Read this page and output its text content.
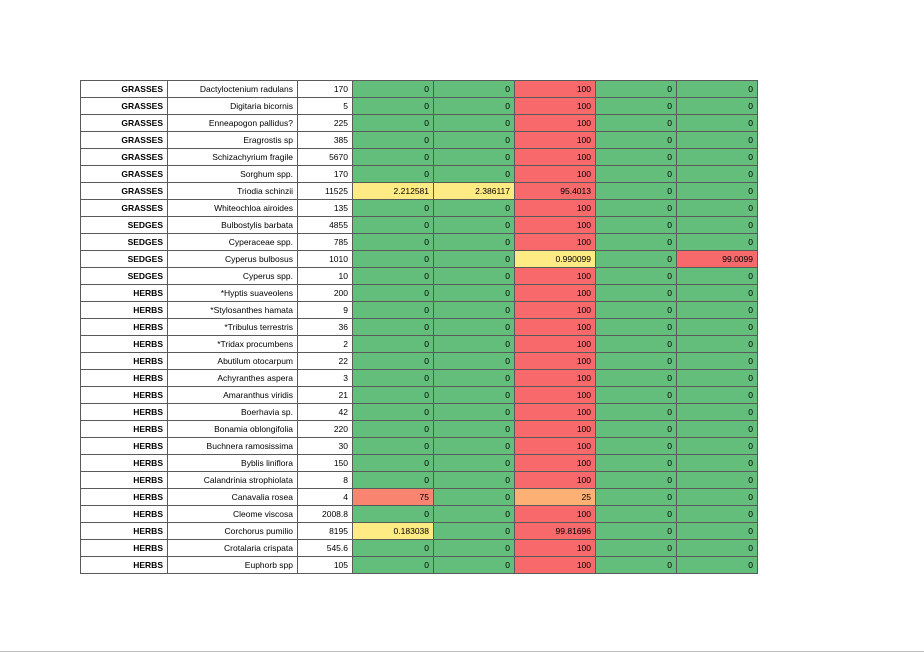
GRASSES	Dactyloctenium radulans	170	0	0	100	0	0
GRASSES	Digitaria bicornis	5	0	0	100	0	0
GRASSES	Enneapogon pallidus?	225	0	0	100	0	0
GRASSES	Eragrostis sp	385	0	0	100	0	0
GRASSES	Schizachyrium fragile	5670	0	0	100	0	0
GRASSES	Sorghum spp.	170	0	0	100	0	0
GRASSES	Triodia schinzii	11525	2.212581	2.386117	95.4013	0	0
GRASSES	Whiteochloa airoides	135	0	0	100	0	0
SEDGES	Bulbostylis barbata	4855	0	0	100	0	0
SEDGES	Cyperaceae spp.	785	0	0	100	0	0
SEDGES	Cyperus bulbosus	1010	0	0	0.990099	0	99.0099
SEDGES	Cyperus spp.	10	0	0	100	0	0
HERBS	*Hyptis suaveolens	200	0	0	100	0	0
HERBS	*Stylosanthes hamata	9	0	0	100	0	0
HERBS	*Tribulus terrestris	36	0	0	100	0	0
HERBS	*Tridax procumbens	2	0	0	100	0	0
HERBS	Abutilum otocarpum	22	0	0	100	0	0
HERBS	Achyranthes aspera	3	0	0	100	0	0
HERBS	Amaranthus viridis	21	0	0	100	0	0
HERBS	Boerhavia sp.	42	0	0	100	0	0
HERBS	Bonamia oblongifolia	220	0	0	100	0	0
HERBS	Buchnera ramosissima	30	0	0	100	0	0
HERBS	Byblis liniflora	150	0	0	100	0	0
HERBS	Calandrinia strophiolata	8	0	0	100	0	0
HERBS	Canavalia rosea	4	75	0	25	0	0
HERBS	Cleome viscosa	2008.8	0	0	100	0	0
HERBS	Corchorus pumilio	8195	0.183038	0	99.81696	0	0
HERBS	Crotalaria crispata	545.6	0	0	100	0	0
HERBS	Euphorb spp	105	0	0	100	0	0
